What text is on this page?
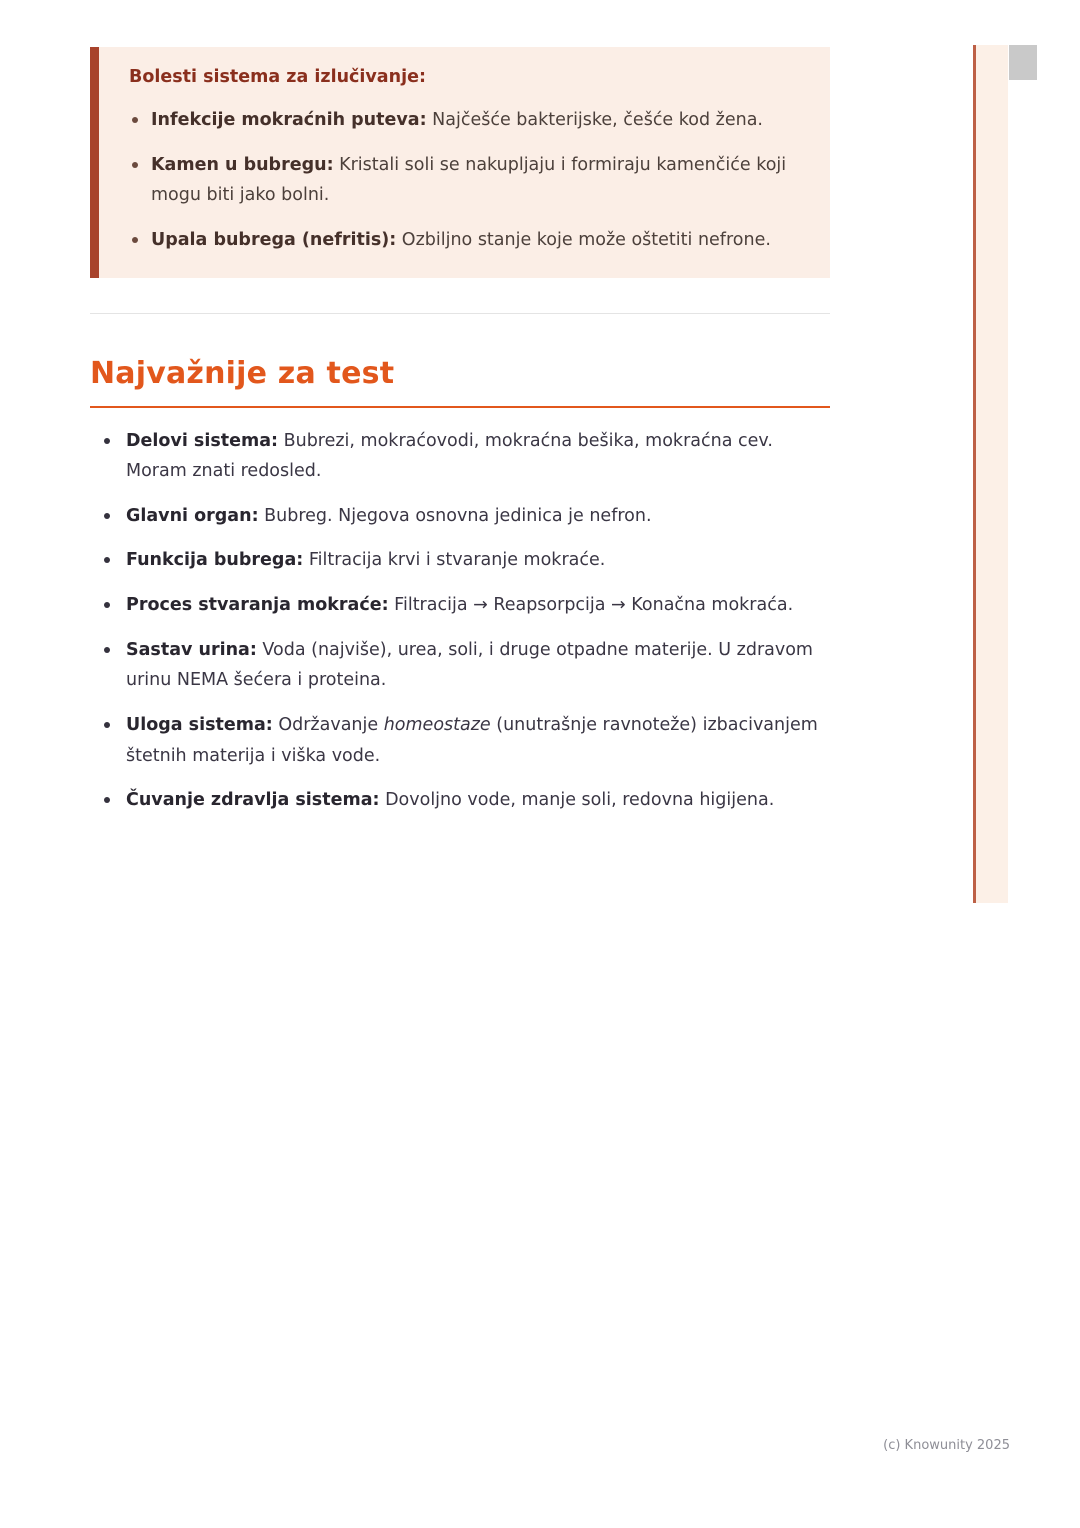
Bolesti sistema za izlučivanje:
Infekcije mokraćnih puteva: Najčešće bakterijske, češće kod žena.
Kamen u bubregu: Kristali soli se nakupljaju i formiraju kamenčiće koji mogu biti jako bolni.
Upala bubrega (nefritis): Ozbiljno stanje koje može oštetiti nefrone.
Najvažnije za test
Delovi sistema: Bubrezi, mokraćovodi, mokraćna bešika, mokraćna cev. Moram znati redosled.
Glavni organ: Bubreg. Njegova osnovna jedinica je nefron.
Funkcija bubrega: Filtracija krvi i stvaranje mokraće.
Proces stvaranja mokraće: Filtracija → Reapsorpcija → Konačna mokraća.
Sastav urina: Voda (najviše), urea, soli, i druge otpadne materije. U zdravom urinu NEMA šećera i proteina.
Uloga sistema: Održavanje homeostaze (unutrašnje ravnoteže) izbacivanjem štetnih materija i viška vode.
Čuvanje zdravlja sistema: Dovoljno vode, manje soli, redovna higijena.
(c) Knowunity 2025
